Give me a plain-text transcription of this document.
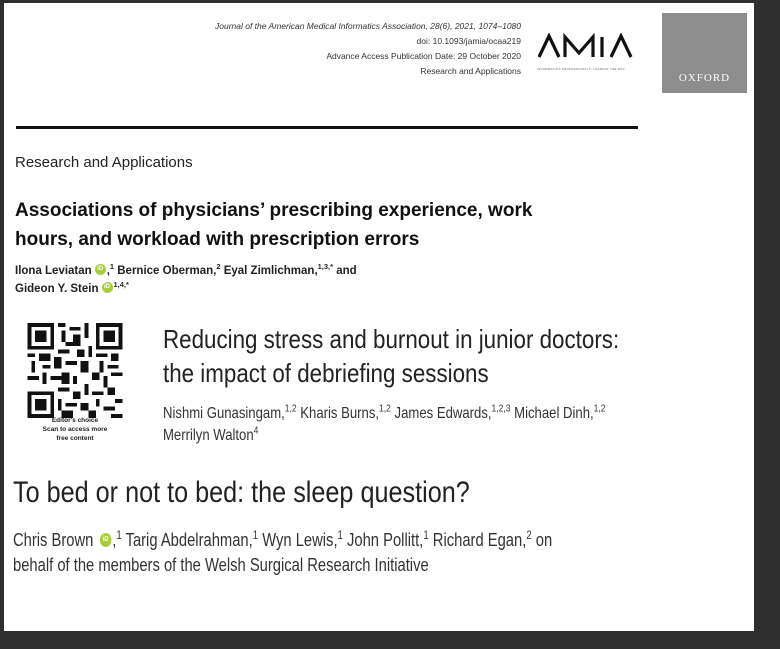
Journal of the American Medical Informatics Association, 28(6), 2021, 1074–1080
doi: 10.1093/jamia/ocaa219
Advance Access Publication Date: 29 October 2020
Research and Applications	INFORMATICS PROFESSIONALS. LEADING THE WAY.
OXFORD
Research and Applications
Associations of physicians’ prescribing experience, work
hours, and workload with prescription errors
Ilona Leviatan iD ,$^1$ Bernice Oberman,$^2$ Eyal Zimlichman,$^{1,3,*}$ and
Gideon Y. Stein iD $^{1,4,*}$
Editor's choice
Scan to access more
free content
Reducing stress and burnout in junior doctors:
the impact of debriefing sessions
Nishmi Gunasingam,$^{1,2}$ Kharis Burns,$^{1,2}$ James Edwards,$^{1,2,3}$ Michael Dinh,$^{1,2}$
Merrilyn Walton$^4$
To bed or not to bed: the sleep question?
Chris Brown iD ,$^1$ Tarig Abdelrahman,$^1$ Wyn Lewis,$^1$ John Pollitt,$^1$ Richard Egan,$^2$ on
behalf of the members of the Welsh Surgical Research Initiative
